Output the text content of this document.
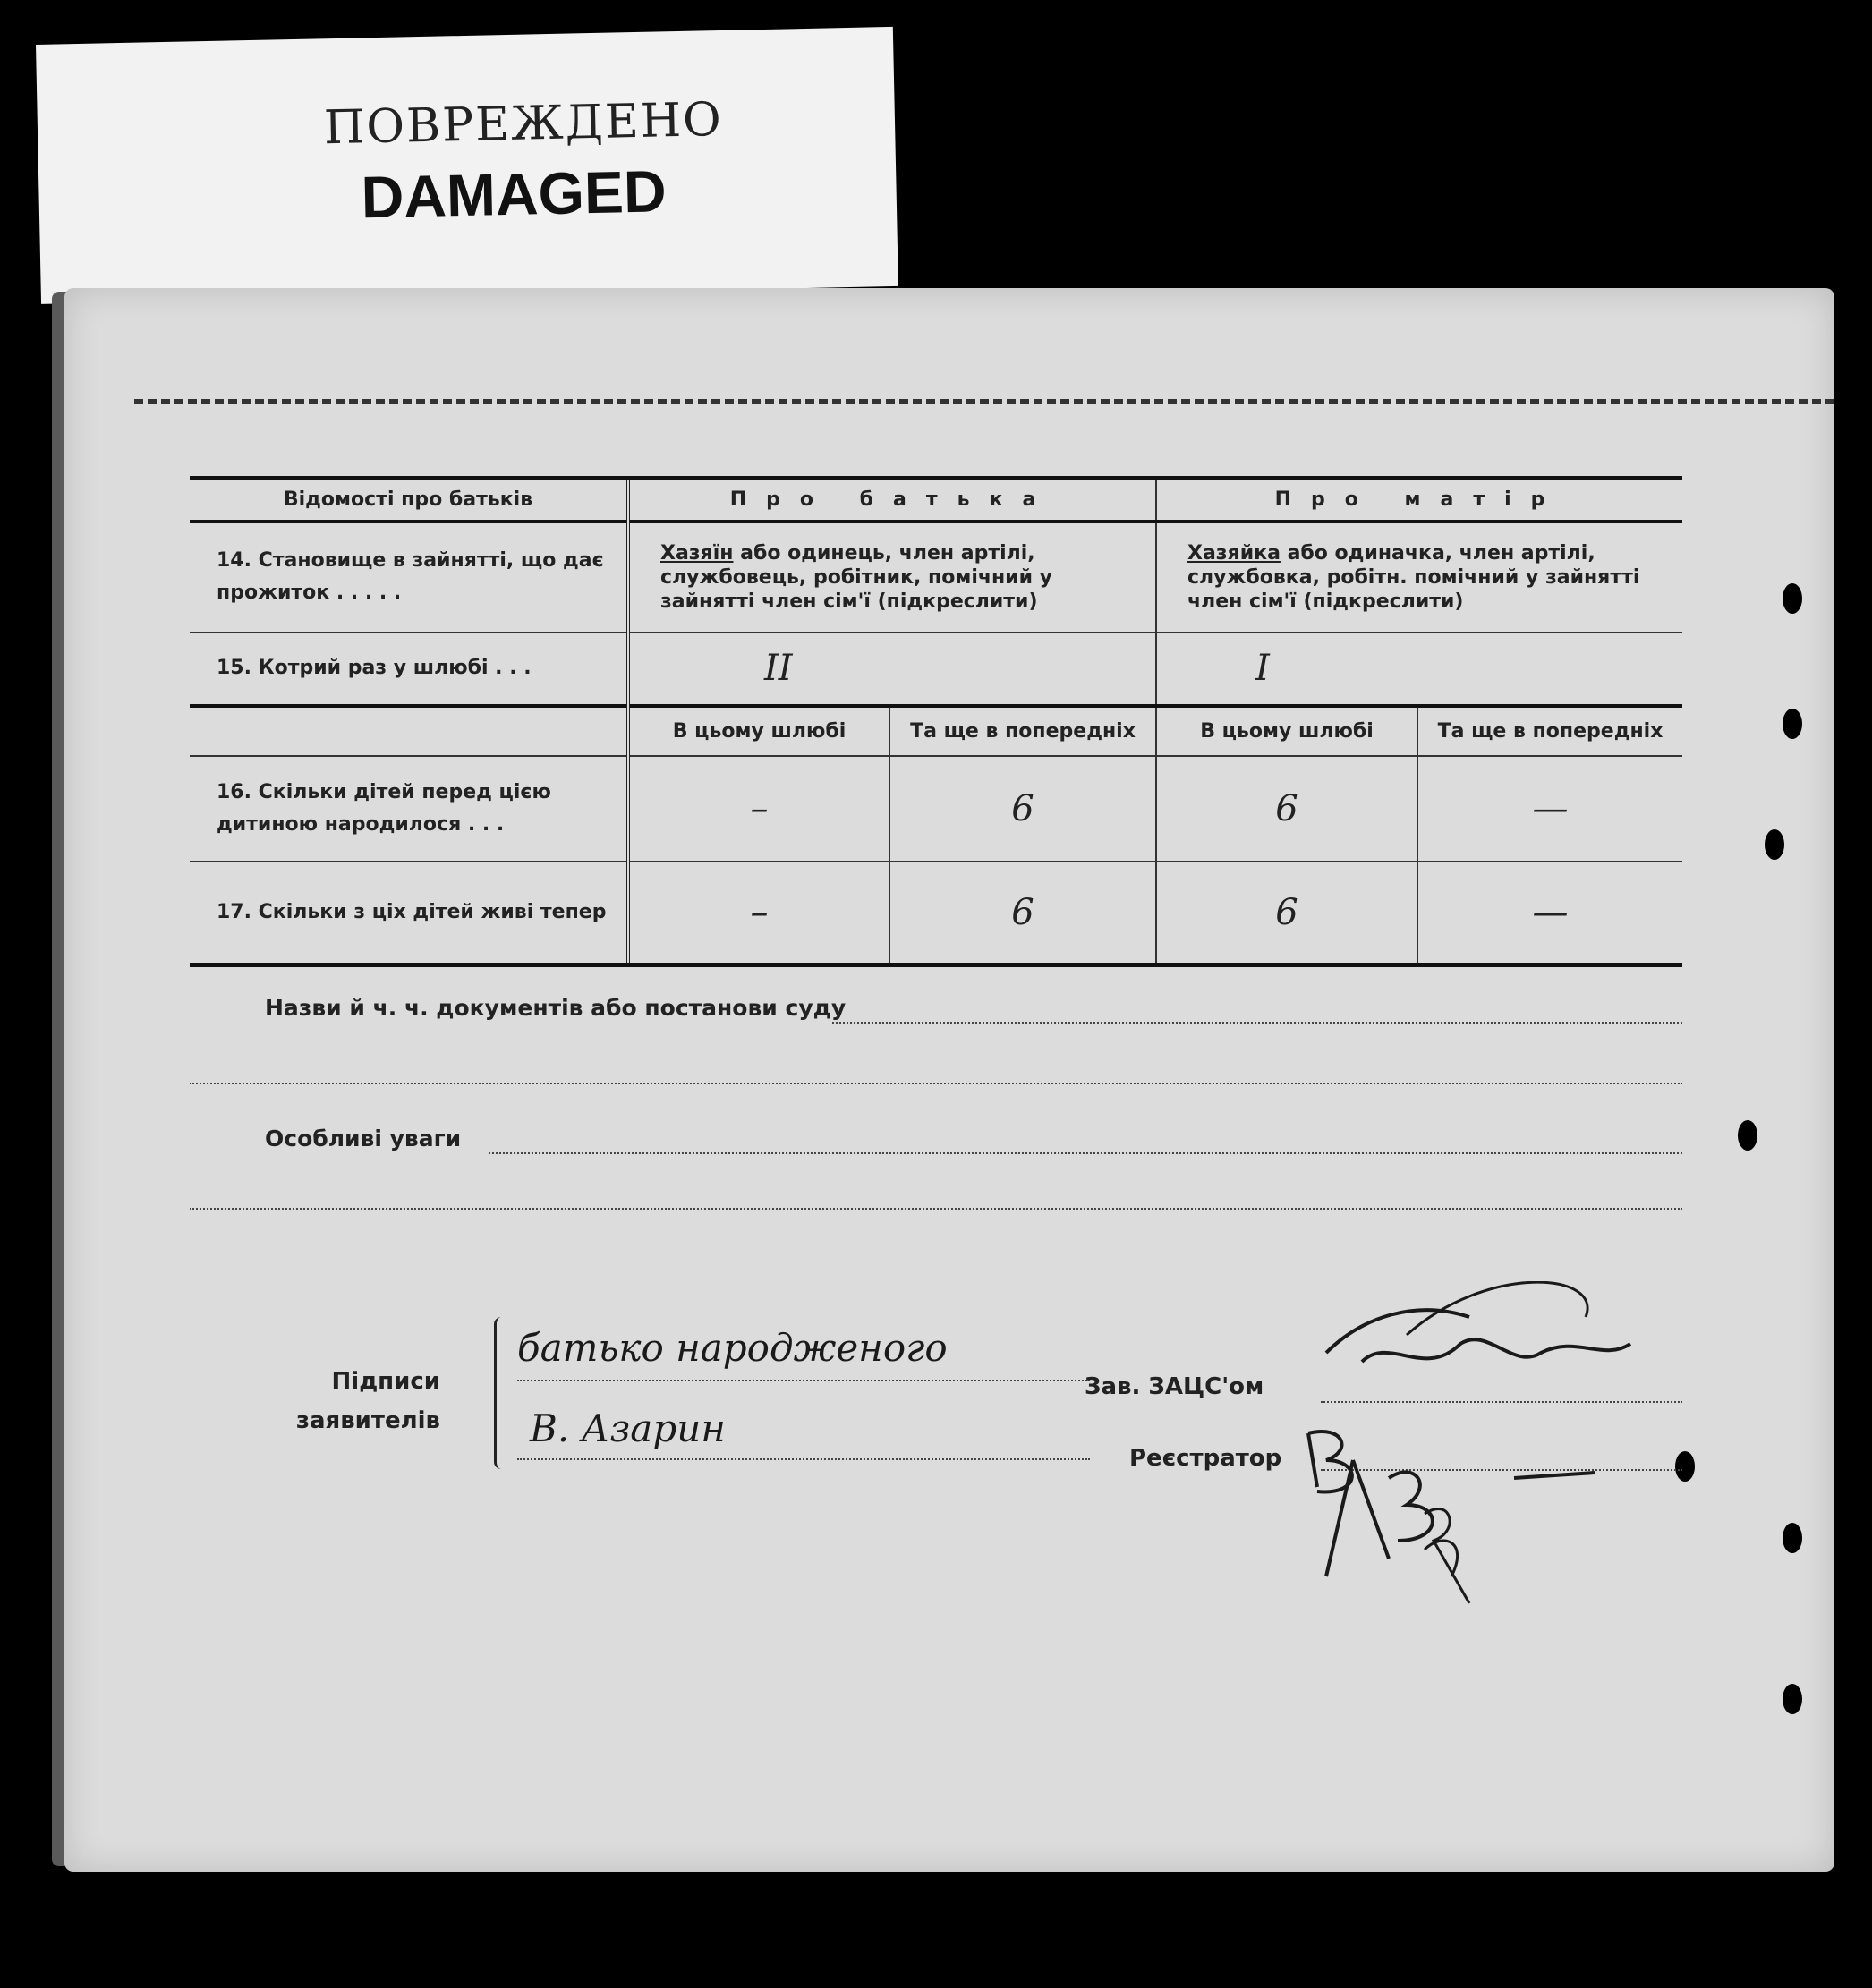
ПОВРЕЖДЕНО
DAMAGED
Відомості про батьків	Про батька		Про матір	
14. Становище в зайнятті, що дає прожиток . . . . .	Хазяїн або одинець, член артілі, службовець, робітник, помічний у зайнятті член сім'ї (підкреслити)		Хазяйка або одиначка, член артілі, службовка, робітн. помічний у зайнятті член сім'ї (підкреслити)	
15. Котрий раз у шлюбі . . .	ІІ		І	
	В цьому шлюбі	Та ще в попередніх	В цьому шлюбі	Та ще в попередніх
16. Скільки дітей перед цією дитиною народилося . . .	–	6	6	—
17. Скільки з ціх дітей живі тепер	–	6	6	—
Назви й ч. ч. документів або постанови суду
Особливі уваги
Підписи
заявителів
батько народженого
В. Азарин
Зав. ЗАЦС'ом
Реєстратор
